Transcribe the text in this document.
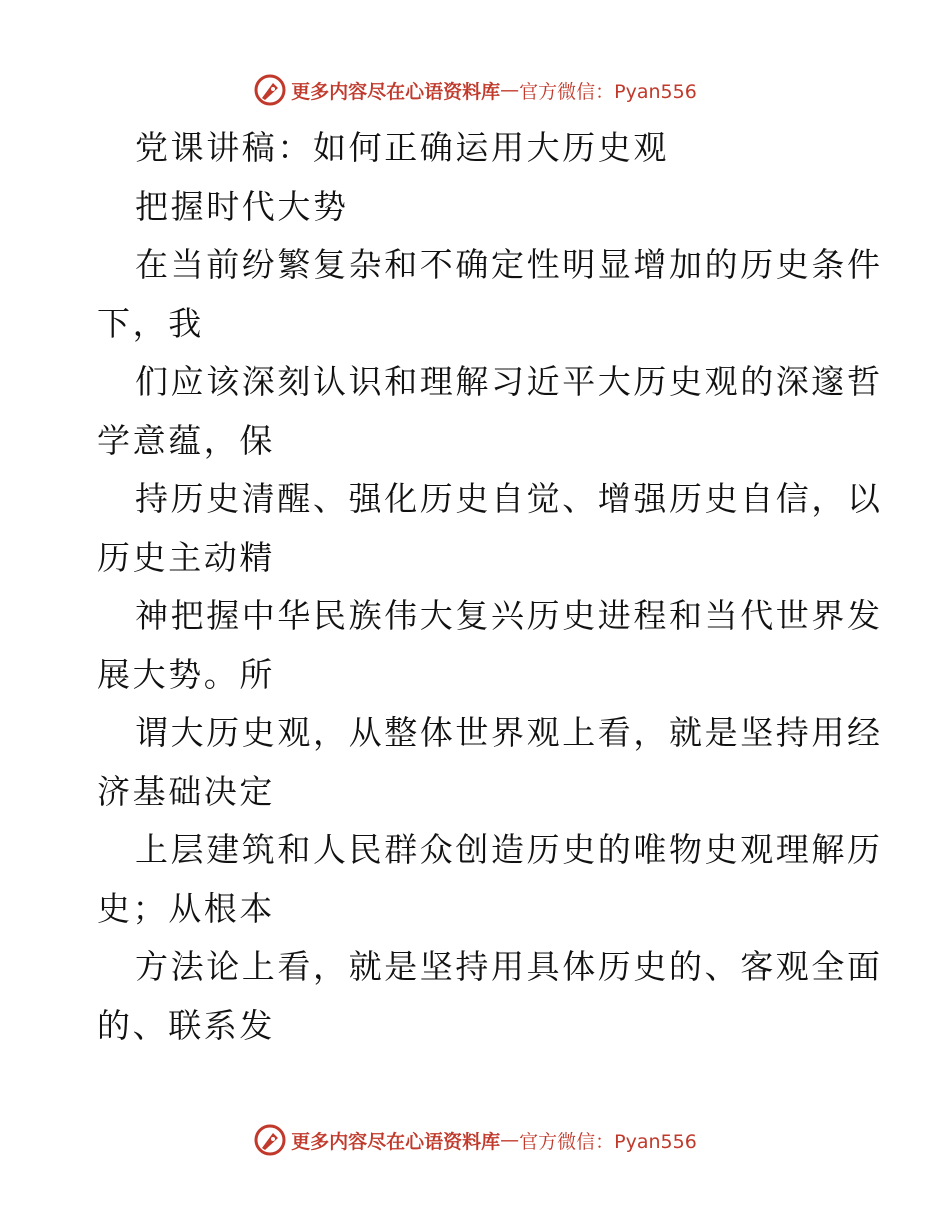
更多内容尽在心语资料库 — 官方微信：Pyan556
党课讲稿：如何正确运用大历史观
把握时代大势
在当前纷繁复杂和不确定性明显增加的历史条件
下，我
们应该深刻认识和理解习近平大历史观的深邃哲
学意蕴，保
持历史清醒、强化历史自觉、增强历史自信，以
历史主动精
神把握中华民族伟大复兴历史进程和当代世界发
展大势。所
谓大历史观，从整体世界观上看，就是坚持用经
济基础决定
上层建筑和人民群众创造历史的唯物史观理解历
史；从根本
方法论上看，就是坚持用具体历史的、客观全面
的、联系发
更多内容尽在心语资料库 — 官方微信：Pyan556
